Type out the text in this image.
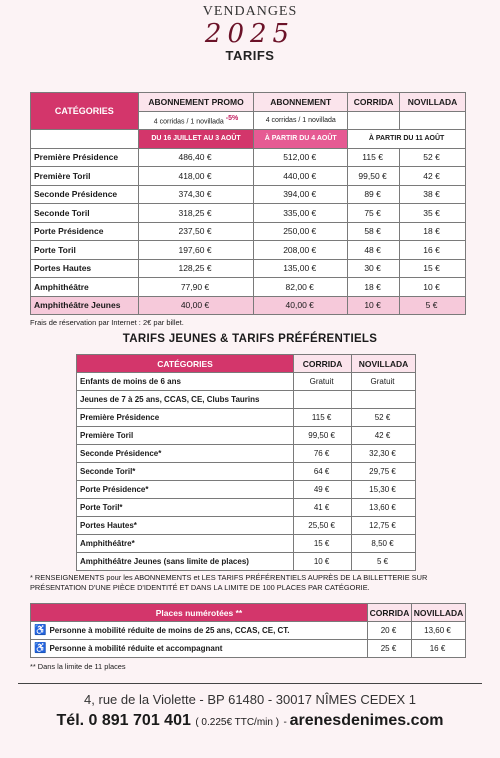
VENDANGES
2025
TARIFS
CATÉGORIES	ABONNEMENT PROMO	ABONNEMENT	CORRIDA	NOVILLADA
	4 corridas / 1 novillada -5%	4 corridas / 1 novillada		
	DU 16 JUILLET AU 3 AOÛT	À PARTIR DU 4 AOÛT	À PARTIR DU 11 AOÛT	
Première Présidence	486,40 €	512,00 €	115 €	52 €
Première Toril	418,00 €	440,00 €	99,50 €	42 €
Seconde Présidence	374,30 €	394,00 €	89 €	38 €
Seconde Toril	318,25 €	335,00 €	75 €	35 €
Porte Présidence	237,50 €	250,00 €	58 €	18 €
Porte Toril	197,60 €	208,00 €	48 €	16 €
Portes Hautes	128,25 €	135,00 €	30 €	15 €
Amphithéâtre	77,90 €	82,00 €	18 €	10 €
Amphithéâtre Jeunes	40,00 €	40,00 €	10 €	5 €
Frais de réservation par Internet : 2€ par billet.
TARIFS JEUNES & TARIFS PRÉFÉRENTIELS
CATÉGORIES	CORRIDA	NOVILLADA
Enfants de moins de 6 ans	Gratuit	Gratuit
Jeunes de 7 à 25 ans, CCAS, CE, Clubs Taurins		
Première Présidence	115 €	52 €
Première Toril	99,50 €	42 €
Seconde Présidence*	76 €	32,30 €
Seconde Toril*	64 €	29,75 €
Porte Présidence*	49 €	15,30 €
Porte Toril*	41 €	13,60 €
Portes Hautes*	25,50 €	12,75 €
Amphithéâtre*	15 €	8,50 €
Amphithéâtre Jeunes (sans limite de places)	10 €	5 €
* RENSEIGNEMENTS pour les ABONNEMENTS et LES TARIFS PRÉFÉRENTIELS AUPRÈS DE LA BILLETTERIE SUR PRÉSENTATION D'UNE PIÈCE D'IDENTITÉ ET DANS LA LIMITE DE 100 PLACES PAR CATÉGORIE.
Places numérotées **	CORRIDA	NOVILLADA
♿ Personne à mobilité réduite de moins de 25 ans, CCAS, CE, CT.	20 €	13,60 €
♿ Personne à mobilité réduite et accompagnant	25 €	16 €
** Dans la limite de 11 places
4, rue de la Violette - BP 61480 - 30017 NÎMES CEDEX 1
Tél. 0 891 701 401 ( 0.225€ TTC/min ) - arenesdenimes.com
